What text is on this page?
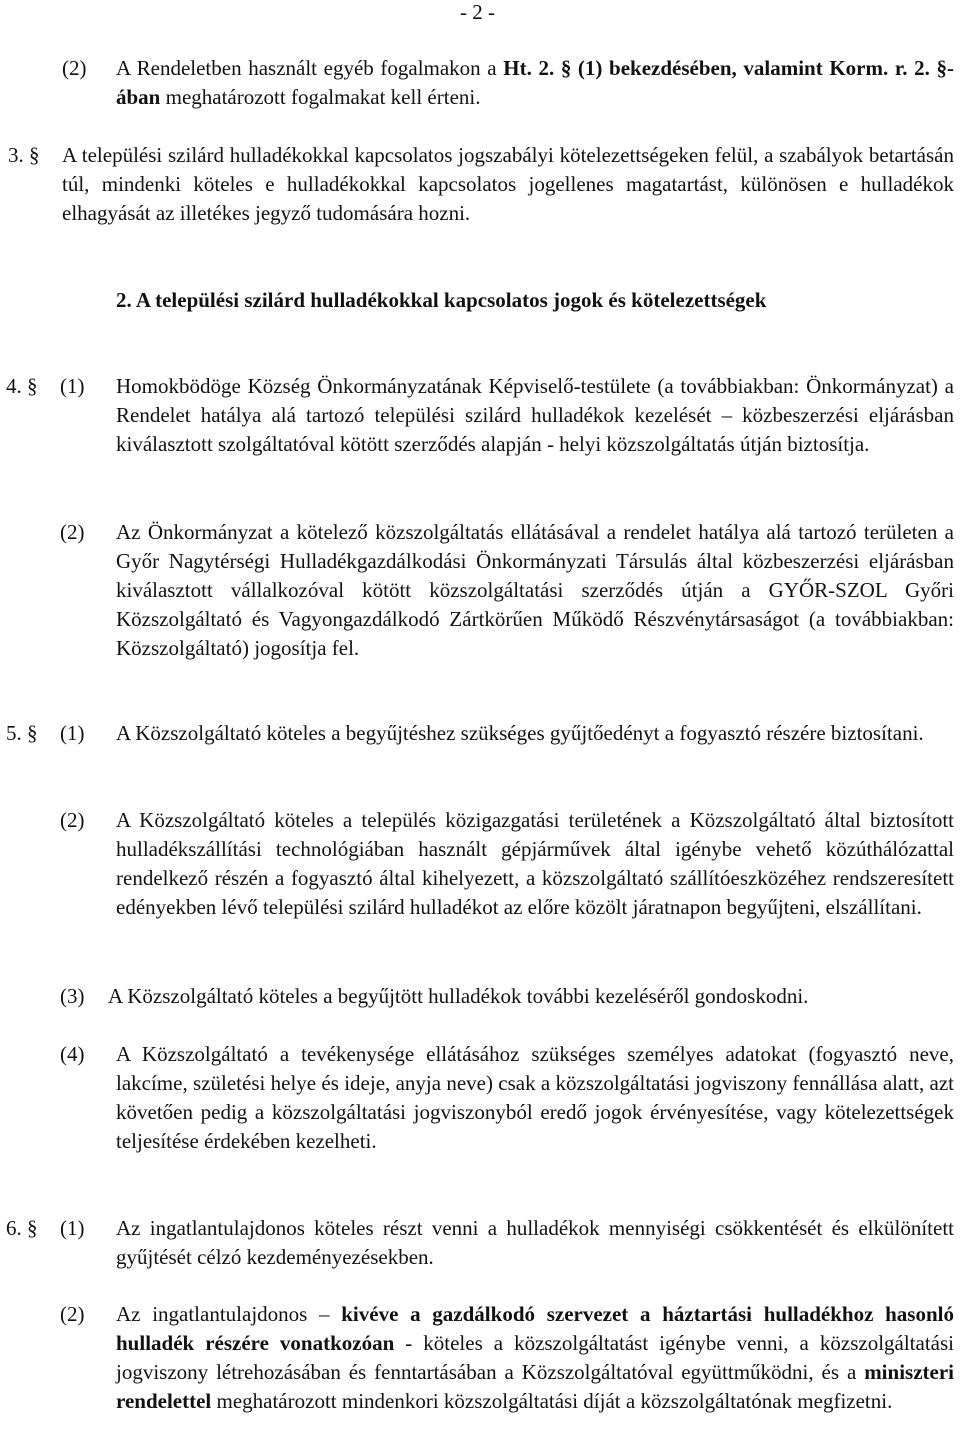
- 2 -
(2) A Rendeletben használt egyéb fogalmakon a Ht. 2. § (1) bekezdésében, valamint Korm. r. 2. §-ában meghatározott fogalmakat kell érteni.
3. § A települési szilárd hulladékokkal kapcsolatos jogszabályi kötelezettségeken felül, a szabályok betartásán túl, mindenki köteles e hulladékokkal kapcsolatos jogellenes magatartást, különösen e hulladékok elhagyását az illetékes jegyző tudomására hozni.
2. A települési szilárd hulladékokkal kapcsolatos jogok és kötelezettségek
4. § (1) Homokbödöge Község Önkormányzatának Képviselő-testülete (a továbbiakban: Önkormányzat) a Rendelet hatálya alá tartozó települési szilárd hulladékok kezelését – közbeszerzési eljárásban kiválasztott szolgáltatóval kötött szerződés alapján - helyi közszolgáltatás útján biztosítja.
(2) Az Önkormányzat a kötelező közszolgáltatás ellátásával a rendelet hatálya alá tartozó területen a Győr Nagytérségi Hulladékgazdálkodási Önkormányzati Társulás által közbeszerzési eljárásban kiválasztott vállalkozóval kötött közszolgáltatási szerződés útján a GYŐR-SZOL Győri Közszolgáltató és Vagyongazdálkodó Zártkörűen Működő Részvénytársaságot (a továbbiakban: Közszolgáltató) jogosítja fel.
5. § (1) A Közszolgáltató köteles a begyűjtéshez szükséges gyűjtőedényt a fogyasztó részére biztosítani.
(2) A Közszolgáltató köteles a település közigazgatási területének a Közszolgáltató által biztosított hulladékszállítási technológiában használt gépjárművek által igénybe vehető közúthálózattal rendelkező részén a fogyasztó által kihelyezett, a közszolgáltató szállítóeszközéhez rendszeresített edényekben lévő települési szilárd hulladékot az előre közölt járatnapon begyűjteni, elszállítani.
(3) A Közszolgáltató köteles a begyűjtött hulladékok további kezeléséről gondoskodni.
(4) A Közszolgáltató a tevékenysége ellátásához szükséges személyes adatokat (fogyasztó neve, lakcíme, születési helye és ideje, anyja neve) csak a közszolgáltatási jogviszony fennállása alatt, azt követően pedig a közszolgáltatási jogviszonyból eredő jogok érvényesítése, vagy kötelezettségek teljesítése érdekében kezelheti.
6. § (1) Az ingatlantulajdonos köteles részt venni a hulladékok mennyiségi csökkentését és elkülönített gyűjtését célzó kezdeményezésekben.
(2) Az ingatlantulajdonos – kivéve a gazdálkodó szervezet a háztartási hulladékhoz hasonló hulladék részére vonatkozóan - köteles a közszolgáltatást igénybe venni, a közszolgáltatási jogviszony létrehozásában és fenntartásában a Közszolgáltatóval együttműködni, és a miniszteri rendelettel meghatározott mindenkori közszolgáltatási díját a közszolgáltatónak megfizetni.
